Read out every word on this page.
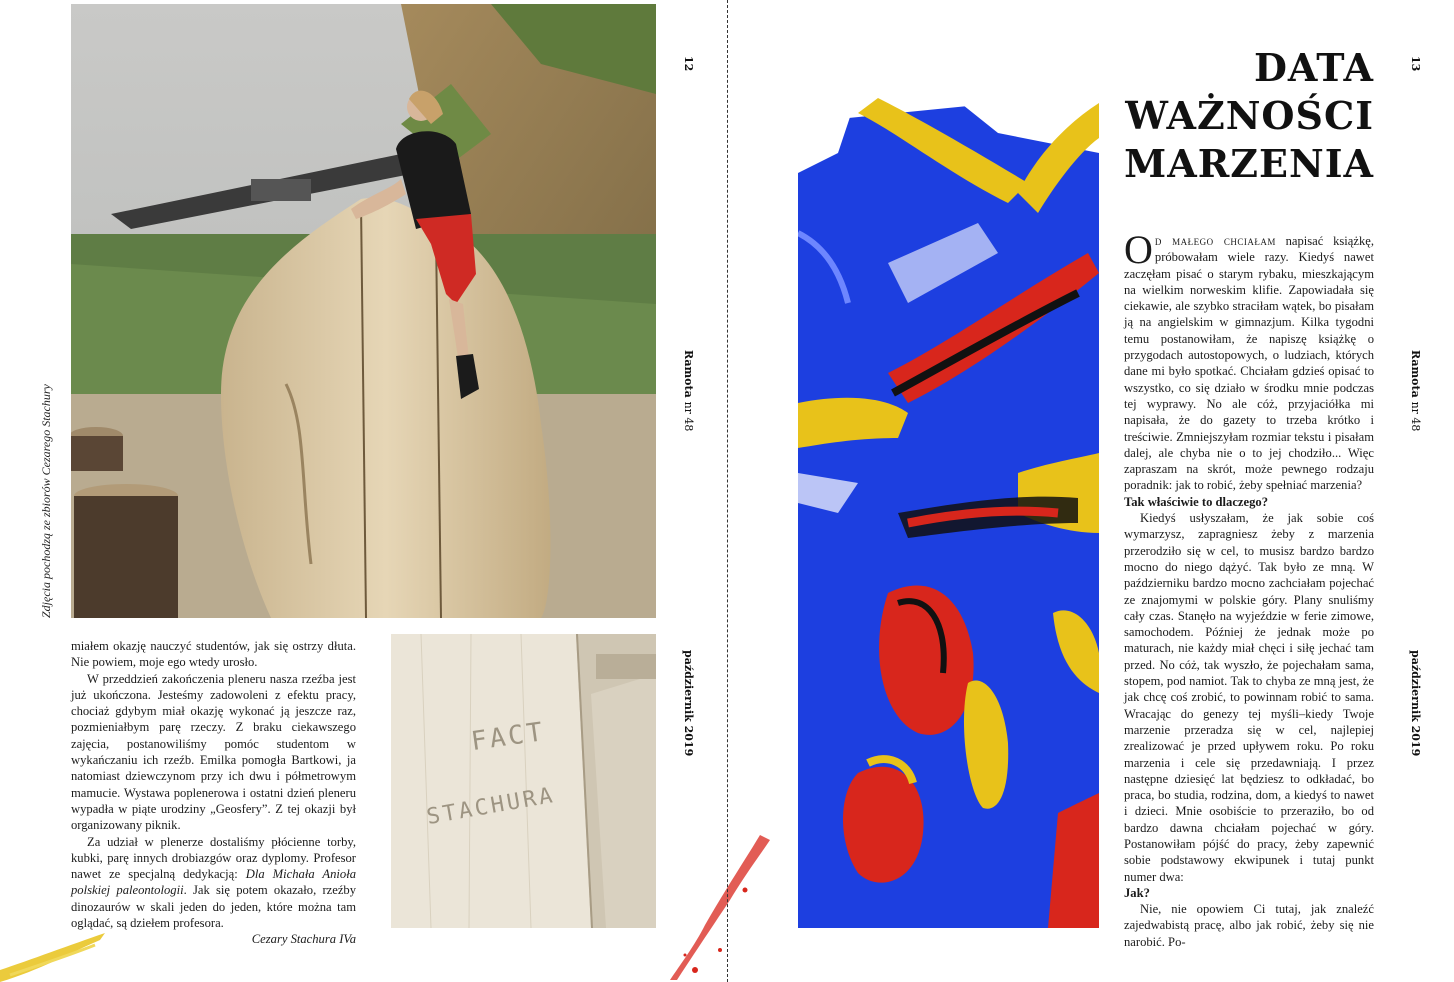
Zdjęcia pochodzą ze zbiorów Cezarego Stachury

miałem okazję nauczyć studentów, jak się ostrzy dłuta. Nie powiem, moje ego wtedy urosło.

W przeddzień zakończenia pleneru nasza rzeźba jest już ukończona. Jesteśmy zadowoleni z efektu pracy, chociaż gdybym miał okazję wykonać ją jeszcze raz, pozmieniałbym parę rzeczy. Z braku ciekawszego zajęcia, postanowiliśmy pomóc studentom w wykańczaniu ich rzeźb. Emilka pomogła Bartkowi, ja natomiast dziewczynom przy ich dwu i półmetrowym mamucie. Wystawa poplenerowa i ostatni dzień pleneru wypadła w piąte urodziny „Geosfery”. Z tej okazji był organizowany piknik.

Za udział w plenerze dostaliśmy płócienne torby, kubki, parę innych drobiazgów oraz dyplomy. Profesor nawet ze specjalną dedykacją: Dla Michała Anioła polskiej paleontologii. Jak się potem okazało, rzeźby dinozaurów w skali jeden do jeden, które można tam oglądać, są dziełem profesora.

Cezary Stachura IVa

FACT
STACHURA
12
Ramota nr 48
październik 2019
DATA
WAŻNOŚCI
MARZENIA

Od małego chciałam napisać książkę, próbowałam wiele razy. Kiedyś nawet zaczęłam pisać o starym rybaku, mieszkającym na wielkim norweskim klifie. Zapowiadała się ciekawie, ale szybko straciłam wątek, bo pisałam ją na angielskim w gimnazjum. Kilka tygodni temu postanowiłam, że napiszę książkę o przygodach autostopowych, o ludziach, których dane mi było spotkać. Chciałam gdzieś opisać to wszystko, co się działo w środku mnie podczas tej wyprawy. No ale cóż, przyjaciółka mi napisała, że do gazety to trzeba krótko i treściwie. Zmniejszyłam rozmiar tekstu i pisałam dalej, ale chyba nie o to jej chodziło... Więc zapraszam na skrót, może pewnego rodzaju poradnik: jak to robić, żeby spełniać marzenia?

Tak właściwie to dlaczego?

Kiedyś usłyszałam, że jak sobie coś wymarzysz, zapragniesz żeby z marzenia przerodziło się w cel, to musisz bardzo bardzo mocno do niego dążyć. Tak było ze mną. W październiku bardzo mocno zachciałam pojechać ze znajomymi w polskie góry. Plany snuliśmy cały czas. Stanęło na wyjeździe w ferie zimowe, samochodem. Później że jednak może po maturach, nie każdy miał chęci i siłę jechać tam przed. No cóż, tak wyszło, że pojechałam sama, stopem, pod namiot. Tak to chyba ze mną jest, że jak chcę coś zrobić, to powinnam robić to sama. Wracając do genezy tej myśli–kiedy Twoje marzenie przeradza się w cel, najlepiej zrealizować je przed upływem roku. Po roku marzenia i cele się przedawniają. I przez następne dziesięć lat będziesz to odkładać, bo praca, bo studia, rodzina, dom, a kiedyś to nawet i dzieci. Mnie osobiście to przeraziło, bo od bardzo dawna chciałam pojechać w góry. Postanowiłam pójść do pracy, żeby zapewnić sobie podstawowy ekwipunek i tutaj punkt numer dwa:

Jak?

Nie, nie opowiem Ci tutaj, jak znaleźć zajedwabistą pracę, albo jak robić, żeby się nie narobić. Po-

13
Ramota nr 48
październik 2019
